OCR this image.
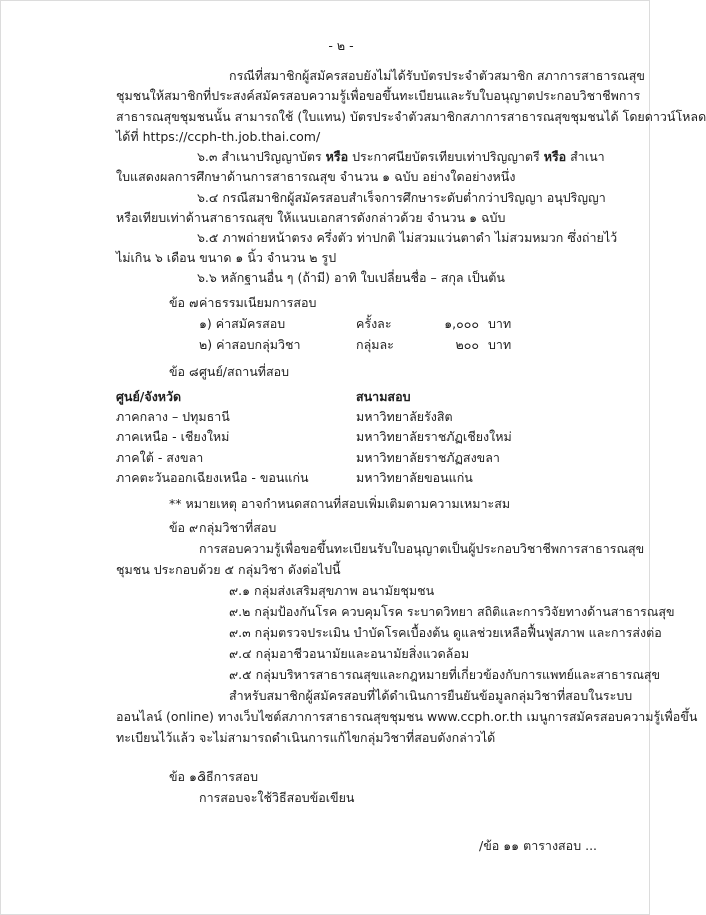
- ๒ -
กรณีที่สมาชิกผู้สมัครสอบยังไม่ได้รับบัตรประจำตัวสมาชิก สภาการสาธารณสุข
ชุมชนให้สมาชิกที่ประสงค์สมัครสอบความรู้เพื่อขอขึ้นทะเบียนและรับใบอนุญาตประกอบวิชาชีพการ
สาธารณสุขชุมชนนั้น สามารถใช้ (ใบแทน) บัตรประจำตัวสมาชิกสภาการสาธารณสุขชุมชนได้ โดยดาวน์โหลด
ได้ที่ https://ccph-th.job.thai.com/
๖.๓ สำเนาปริญญาบัตร หรือ ประกาศนียบัตรเทียบเท่าปริญญาตรี หรือ สำเนา
ใบแสดงผลการศึกษาด้านการสาธารณสุข จำนวน ๑ ฉบับ อย่างใดอย่างหนึ่ง
๖.๔ กรณีสมาชิกผู้สมัครสอบสำเร็จการศึกษาระดับต่ำกว่าปริญญา อนุปริญญา
หรือเทียบเท่าด้านสาธารณสุข ให้แนบเอกสารดังกล่าวด้วย จำนวน ๑ ฉบับ
๖.๕ ภาพถ่ายหน้าตรง ครึ่งตัว ท่าปกติ ไม่สวมแว่นตาดำ ไม่สวมหมวก ซึ่งถ่ายไว้
ไม่เกิน ๖ เดือน ขนาด ๑ นิ้ว จำนวน ๒ รูป
๖.๖ หลักฐานอื่น ๆ (ถ้ามี) อาทิ ใบเปลี่ยนชื่อ – สกุล เป็นต้น
ข้อ ๗ ค่าธรรมเนียมการสอบ
๑) ค่าสมัครสอบ	ครั้งละ	๑,๐๐๐ บาท
๒) ค่าสอบกลุ่มวิชา	กลุ่มละ	๒๐๐ บาท
ข้อ ๘ ศูนย์/สถานที่สอบ
ศูนย์/จังหวัด	สนามสอบ
ภาคกลาง – ปทุมธานี	มหาวิทยาลัยรังสิต
ภาคเหนือ - เชียงใหม่	มหาวิทยาลัยราชภัฏเชียงใหม่
ภาคใต้ - สงขลา	มหาวิทยาลัยราชภัฏสงขลา
ภาคตะวันออกเฉียงเหนือ - ขอนแก่น	มหาวิทยาลัยขอนแก่น
** หมายเหตุ อาจกำหนดสถานที่สอบเพิ่มเติมตามความเหมาะสม
ข้อ ๙ กลุ่มวิชาที่สอบ
การสอบความรู้เพื่อขอขึ้นทะเบียนรับใบอนุญาตเป็นผู้ประกอบวิชาชีพการสาธารณสุข
ชุมชน ประกอบด้วย ๕ กลุ่มวิชา ดังต่อไปนี้
๙.๑ กลุ่มส่งเสริมสุขภาพ อนามัยชุมชน
๙.๒ กลุ่มป้องกันโรค ควบคุมโรค ระบาดวิทยา สถิติและการวิจัยทางด้านสาธารณสุข
๙.๓ กลุ่มตรวจประเมิน บำบัดโรคเบื้องต้น ดูแลช่วยเหลือฟื้นฟูสภาพ และการส่งต่อ
๙.๔ กลุ่มอาชีวอนามัยและอนามัยสิ่งแวดล้อม
๙.๕ กลุ่มบริหารสาธารณสุขและกฎหมายที่เกี่ยวข้องกับการแพทย์และสาธารณสุข
สำหรับสมาชิกผู้สมัครสอบที่ได้ดำเนินการยืนยันข้อมูลกลุ่มวิชาที่สอบในระบบ
ออนไลน์ (online) ทางเว็บไซต์สภาการสาธารณสุขชุมชน www.ccph.or.th เมนูการสมัครสอบความรู้เพื่อขึ้น
ทะเบียนไว้แล้ว จะไม่สามารถดำเนินการแก้ไขกลุ่มวิชาที่สอบดังกล่าวได้
ข้อ ๑๐
วิธีการสอบ
การสอบจะใช้วิธีสอบข้อเขียน
/ข้อ ๑๑ ตารางสอบ ...
